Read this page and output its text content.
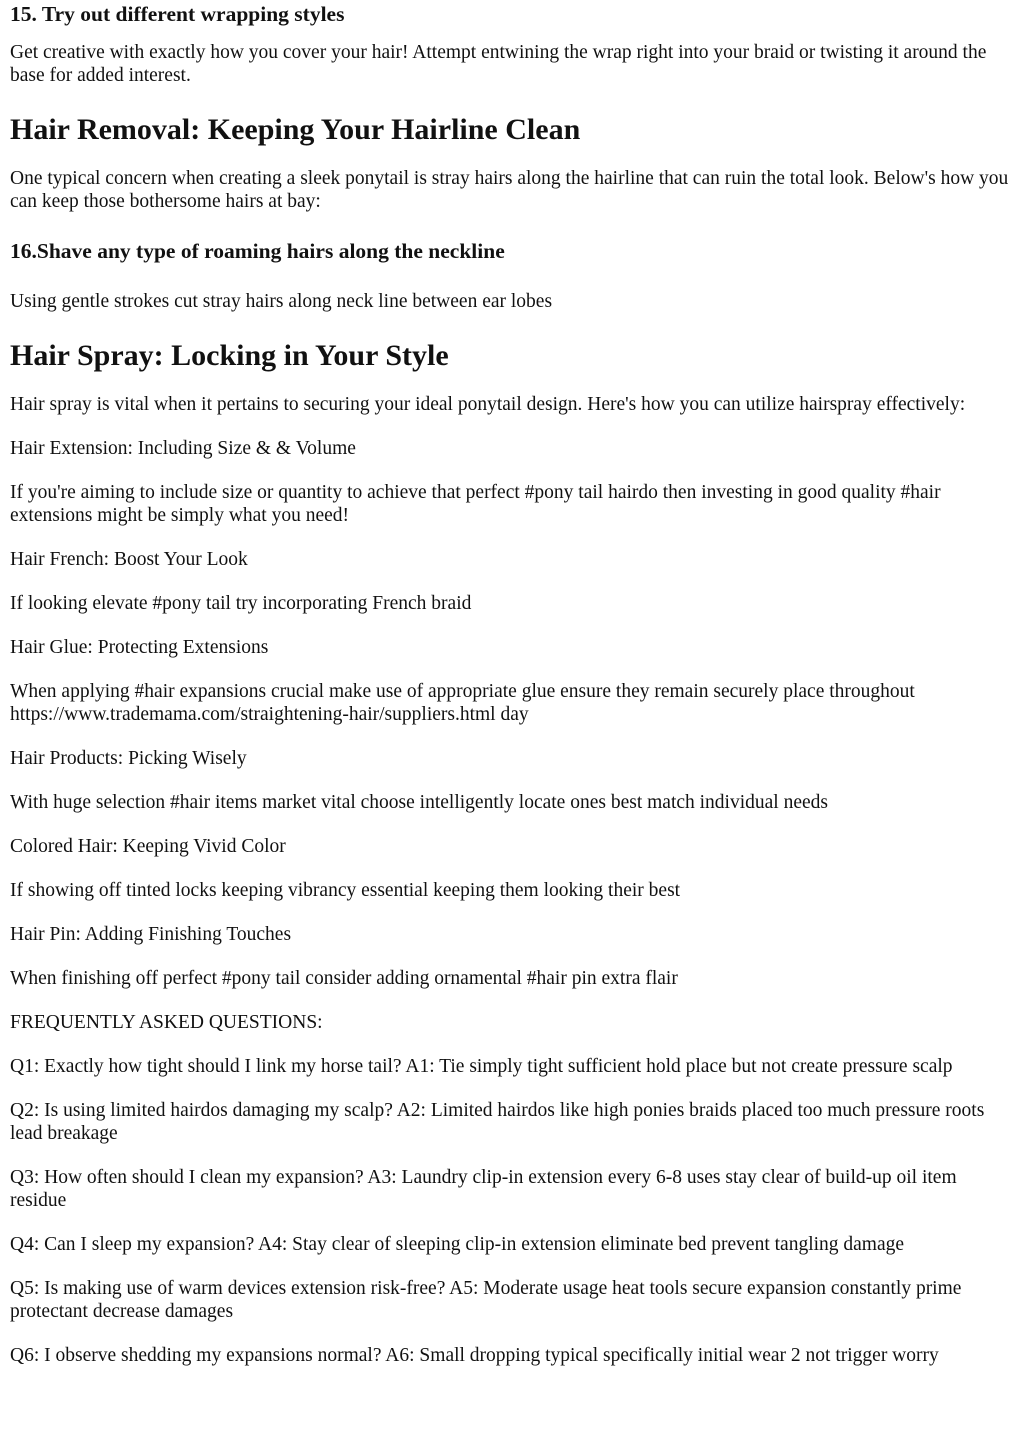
15. Try out different wrapping styles

Get creative with exactly how you cover your hair! Attempt entwining the wrap right into your braid or twisting it around the base for added interest.

Hair Removal: Keeping Your Hairline Clean

One typical concern when creating a sleek ponytail is stray hairs along the hairline that can ruin the total look. Below's how you can keep those bothersome hairs at bay:

16.Shave any type of roaming hairs along the neckline

Using gentle strokes cut stray hairs along neck line between ear lobes

Hair Spray: Locking in Your Style

Hair spray is vital when it pertains to securing your ideal ponytail design. Here's how you can utilize hairspray effectively:

Hair Extension: Including Size & & Volume

If you're aiming to include size or quantity to achieve that perfect #pony tail hairdo then investing in good quality #hair extensions might be simply what you need!

Hair French: Boost Your Look

If looking elevate #pony tail try incorporating French braid

Hair Glue: Protecting Extensions

When applying #hair expansions crucial make use of appropriate glue ensure they remain securely place throughout https://www.trademama.com/straightening-hair/suppliers.html day

Hair Products: Picking Wisely

With huge selection #hair items market vital choose intelligently locate ones best match individual needs

Colored Hair: Keeping Vivid Color

If showing off tinted locks keeping vibrancy essential keeping them looking their best

Hair Pin: Adding Finishing Touches

When finishing off perfect #pony tail consider adding ornamental #hair pin extra flair

FREQUENTLY ASKED QUESTIONS:

Q1: Exactly how tight should I link my horse tail? A1: Tie simply tight sufficient hold place but not create pressure scalp

Q2: Is using limited hairdos damaging my scalp? A2: Limited hairdos like high ponies braids placed too much pressure roots lead breakage

Q3: How often should I clean my expansion? A3: Laundry clip-in extension every 6-8 uses stay clear of build-up oil item residue

Q4: Can I sleep my expansion? A4: Stay clear of sleeping clip-in extension eliminate bed prevent tangling damage

Q5: Is making use of warm devices extension risk-free? A5: Moderate usage heat tools secure expansion constantly prime protectant decrease damages

Q6: I observe shedding my expansions normal? A6: Small dropping typical specifically initial wear 2 not trigger worry
